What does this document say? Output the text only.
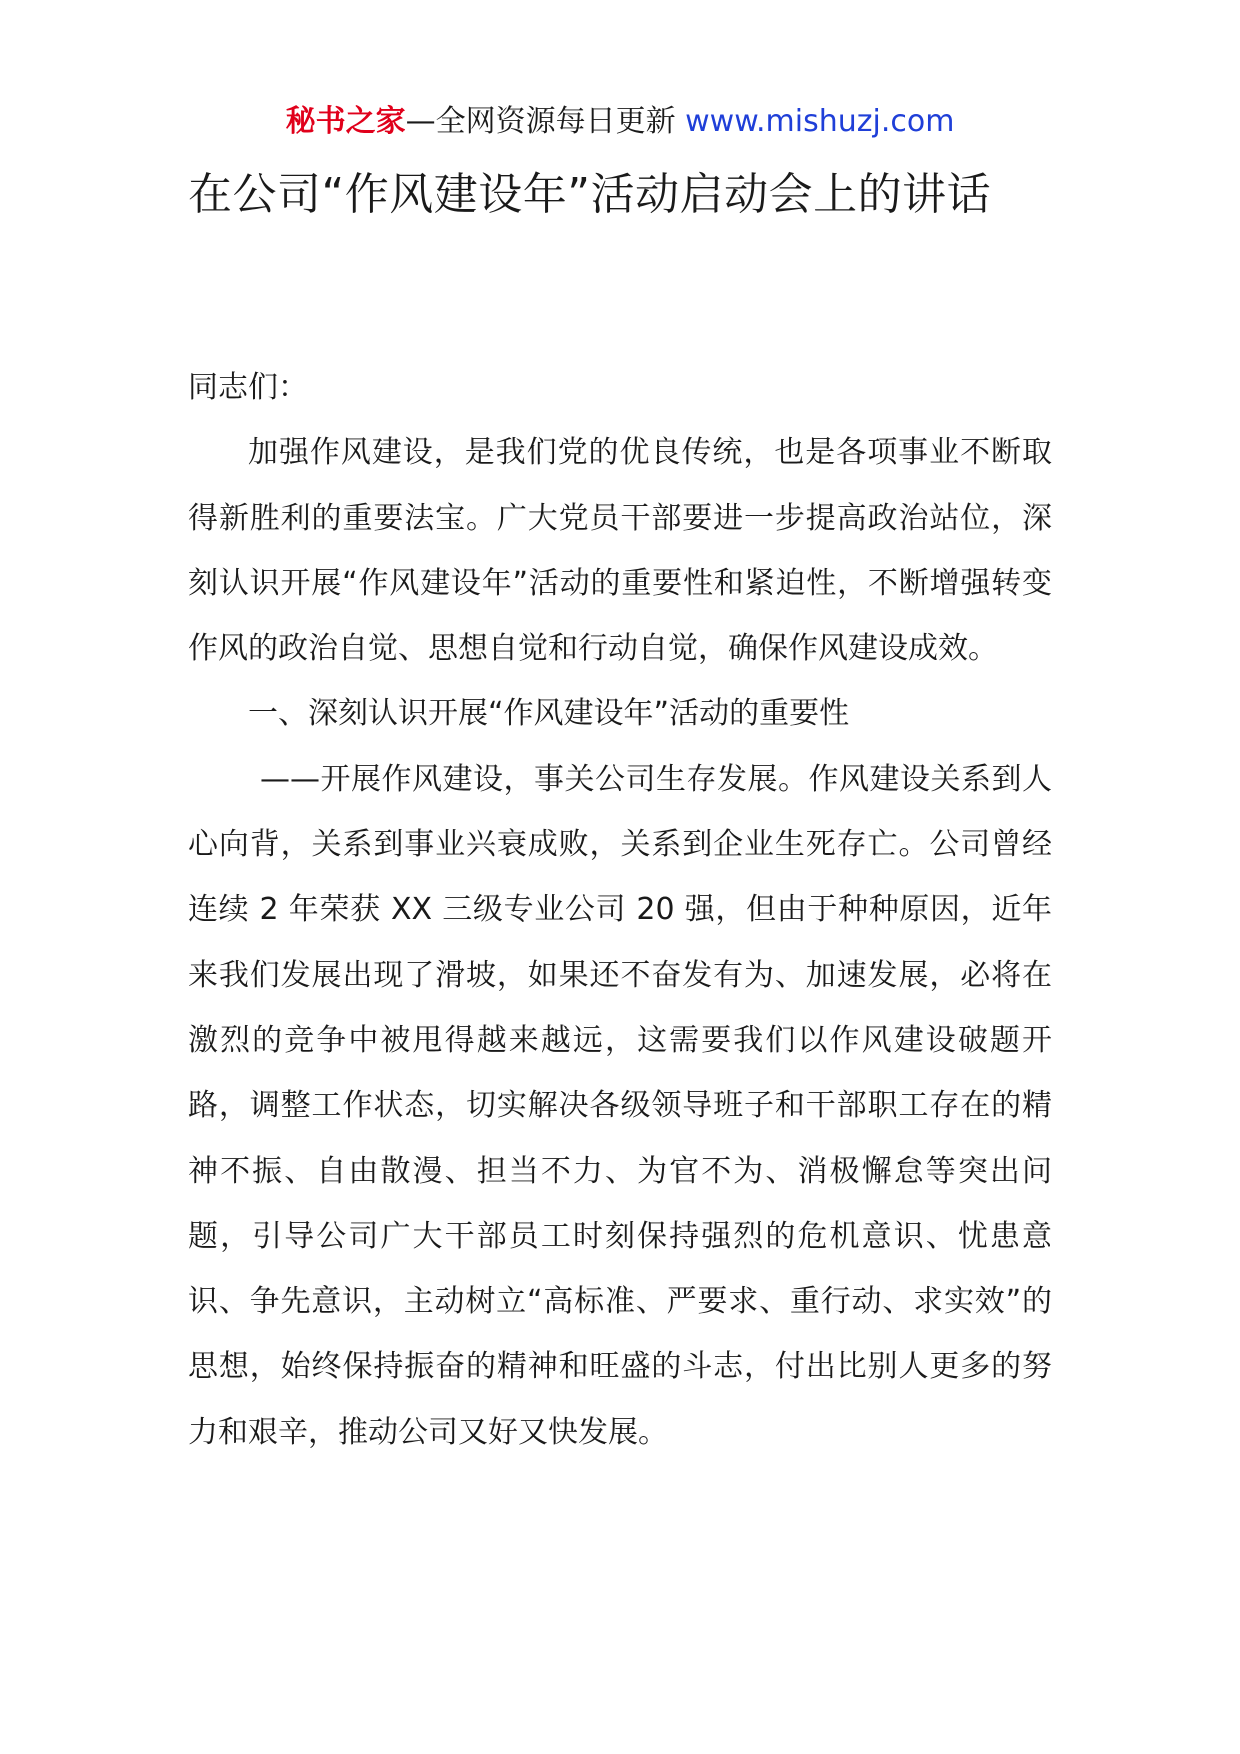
秘书之家—全网资源每日更新 www.mishuzj.com
在公司“作风建设年”活动启动会上的讲话

同志们：

加强作风建设，是我们党的优良传统，也是各项事业不断取得新胜利的重要法宝。广大党员干部要进一步提高政治站位，深刻认识开展“作风建设年”活动的重要性和紧迫性，不断增强转变作风的政治自觉、思想自觉和行动自觉，确保作风建设成效。

一、深刻认识开展“作风建设年”活动的重要性

——开展作风建设，事关公司生存发展。作风建设关系到人心向背，关系到事业兴衰成败，关系到企业生死存亡。公司曾经连续 2 年荣获 XX 三级专业公司 20 强，但由于种种原因，近年来我们发展出现了滑坡，如果还不奋发有为、加速发展，必将在激烈的竞争中被甩得越来越远，这需要我们以作风建设破题开路，调整工作状态，切实解决各级领导班子和干部职工存在的精神不振、自由散漫、担当不力、为官不为、消极懈怠等突出问题，引导公司广大干部员工时刻保持强烈的危机意识、忧患意识、争先意识，主动树立“高标准、严要求、重行动、求实效”的思想，始终保持振奋的精神和旺盛的斗志，付出比别人更多的努力和艰辛，推动公司又好又快发展。
